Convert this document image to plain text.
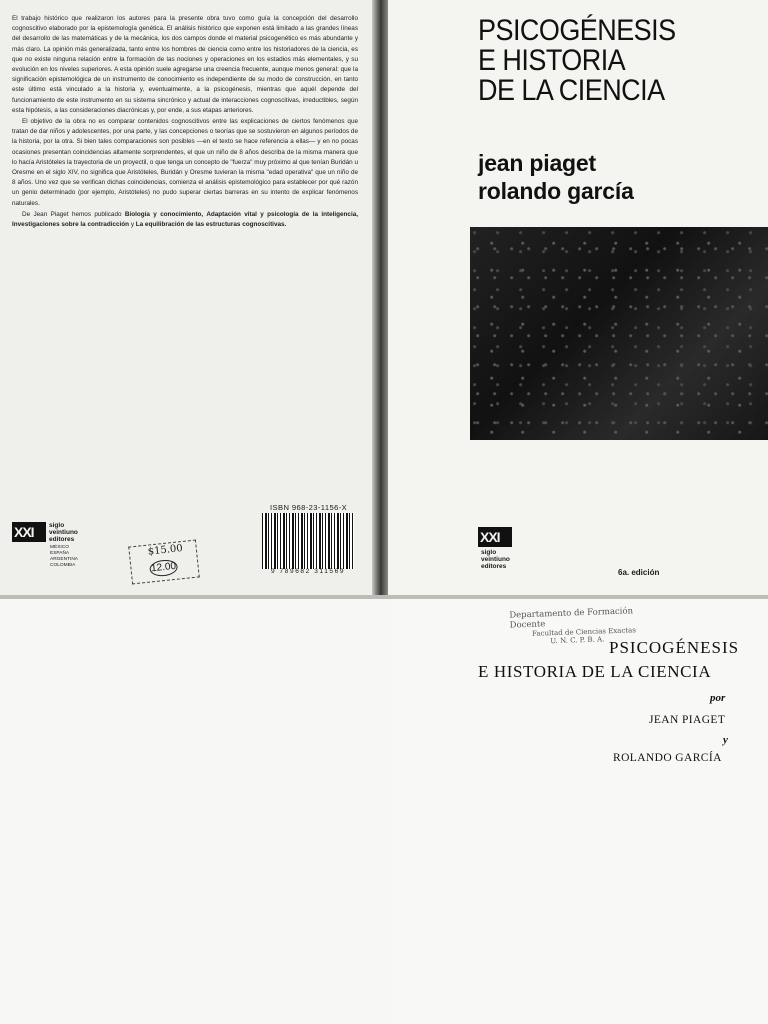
El trabajo histórico que realizaron los autores para la presente obra tuvo como guía la concepción del desarrollo cognoscitivo elaborado por la epistemología genética. El análisis histórico que exponen está limitado a las grandes líneas del desarrollo de las matemáticas y de la mecánica, los dos campos donde el material psicogenético es más abundante y más claro. La opinión más generalizada, tanto entre los hombres de ciencia como entre los historiadores de la ciencia, es que no existe ninguna relación entre la formación de las nociones y operaciones en los estadios más elementales, y su evolución en los niveles superiores. A esta opinión suele agregarse una creencia frecuente, aunque menos general: que la significación epistemológica de un instrumento de conocimiento es independiente de su modo de construcción, en tanto este último está vinculado a la historia y, eventualmente, a la psicogénesis, mientras que aquél depende del funcionamiento de este instrumento en su sistema sincrónico y actual de interacciones cognoscitivas, irreductibles, según esta hipótesis, a las consideraciones diacrónicas y, por ende, a sus etapas anteriores.

El objetivo de la obra no es comparar contenidos cognoscitivos entre las explicaciones de ciertos fenómenos que tratan de dar niños y adolescentes, por una parte, y las concepciones o teorías que se sostuvieron en algunos períodos de la historia, por la otra. Si bien tales comparaciones son posibles —en el texto se hace referencia a ellas— y en no pocas ocasiones presentan coincidencias altamente sorprendentes, el que un niño de 8 años describa de la misma manera que lo hacía Aristóteles la trayectoria de un proyectil, o que tenga un concepto de "fuerza" muy próximo al que tenían Buridán u Oresme en el siglo XIV, no significa que Aristóteles, Buridán y Oresme tuvieran la misma "edad operativa" que un niño de 8 años. Uno vez que se verifican dichas coincidencias, comienza el análisis epistemológico para establecer por qué razón un genio determinado (por ejemplo, Aristóteles) no pudo superar ciertas barreras en su intento de explicar fenómenos naturales.

De Jean Piaget hemos publicado Biología y conocimiento, Adaptación vital y psicología de la inteligencia, Investigaciones sobre la contradicción y La equilibración de las estructuras cognoscitivas.

XXI siglo
veintiuno
editores
MÉXICO
ESPAÑA
ARGENTINA
COLOMBIA
$15.00
12.00
ISBN 968-23-1156-X
9 789682 311569
PSICOGÉNESIS
E HISTORIA
DE LA CIENCIA
jean piaget
rolando garcía
XXI
siglo
veintiuno
editores
6a. edición
Departamento de Formación Docente
Facultad de Ciencias Exactas
U. N. C. P. B. A. PSICOGÉNESIS
E HISTORIA DE LA CIENCIA
por
JEAN PIAGET
y
ROLANDO GARCÍA
